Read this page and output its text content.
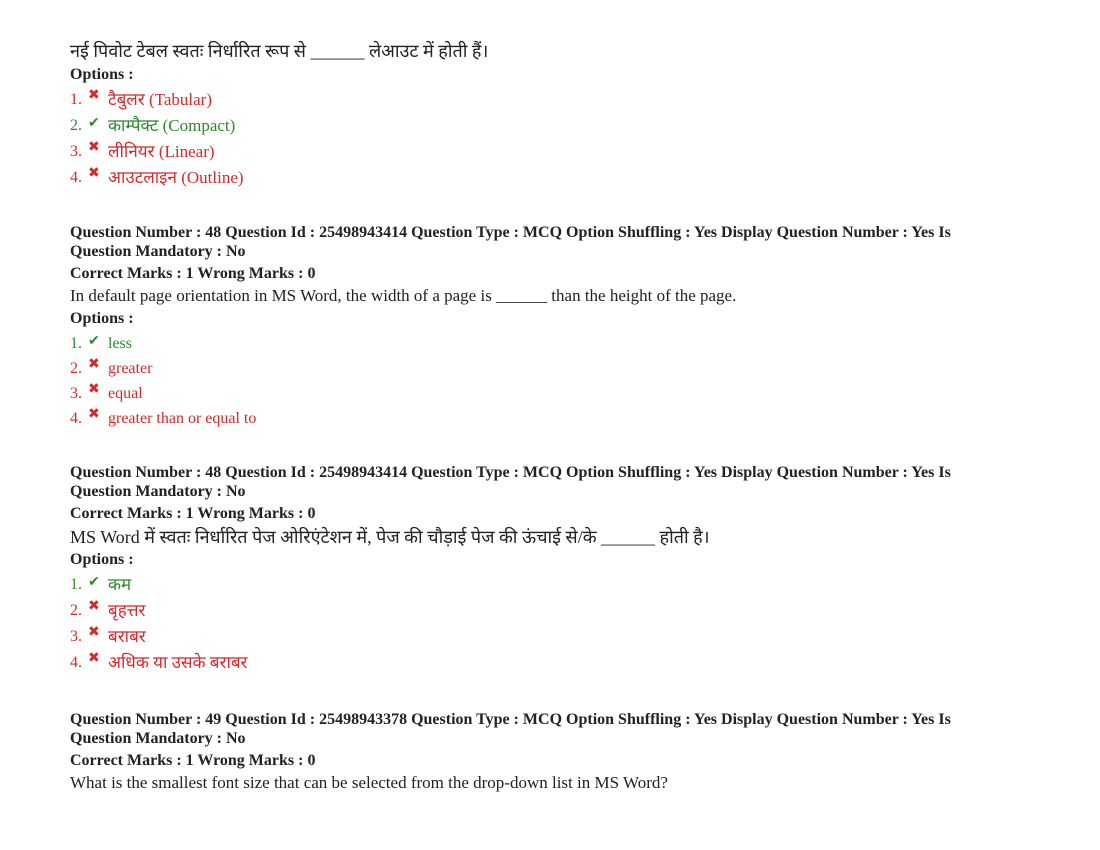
नई पिवोट टेबल स्वतः निर्धारित रूप से ______ लेआउट में होती हैं।
Options :
1. ✖ टैबुलर (Tabular)
2. ✔ काम्पैक्ट (Compact)
3. ✖ लीनियर (Linear)
4. ✖ आउटलाइन (Outline)
Question Number : 48 Question Id : 25498943414 Question Type : MCQ Option Shuffling : Yes Display Question Number : Yes Is
Question Mandatory : No
Correct Marks : 1 Wrong Marks : 0
In default page orientation in MS Word, the width of a page is ______ than the height of the page.
Options :
1. ✔ less
2. ✖ greater
3. ✖ equal
4. ✖ greater than or equal to
Question Number : 48 Question Id : 25498943414 Question Type : MCQ Option Shuffling : Yes Display Question Number : Yes Is
Question Mandatory : No
Correct Marks : 1 Wrong Marks : 0
MS Word में स्वतः निर्धारित पेज ओरिएंटेशन में, पेज की चौड़ाई पेज की ऊंचाई से/के ______ होती है।
Options :
1. ✔ कम
2. ✖ बृहत्तर
3. ✖ बराबर
4. ✖ अधिक या उसके बराबर
Question Number : 49 Question Id : 25498943378 Question Type : MCQ Option Shuffling : Yes Display Question Number : Yes Is
Question Mandatory : No
Correct Marks : 1 Wrong Marks : 0
What is the smallest font size that can be selected from the drop-down list in MS Word?
